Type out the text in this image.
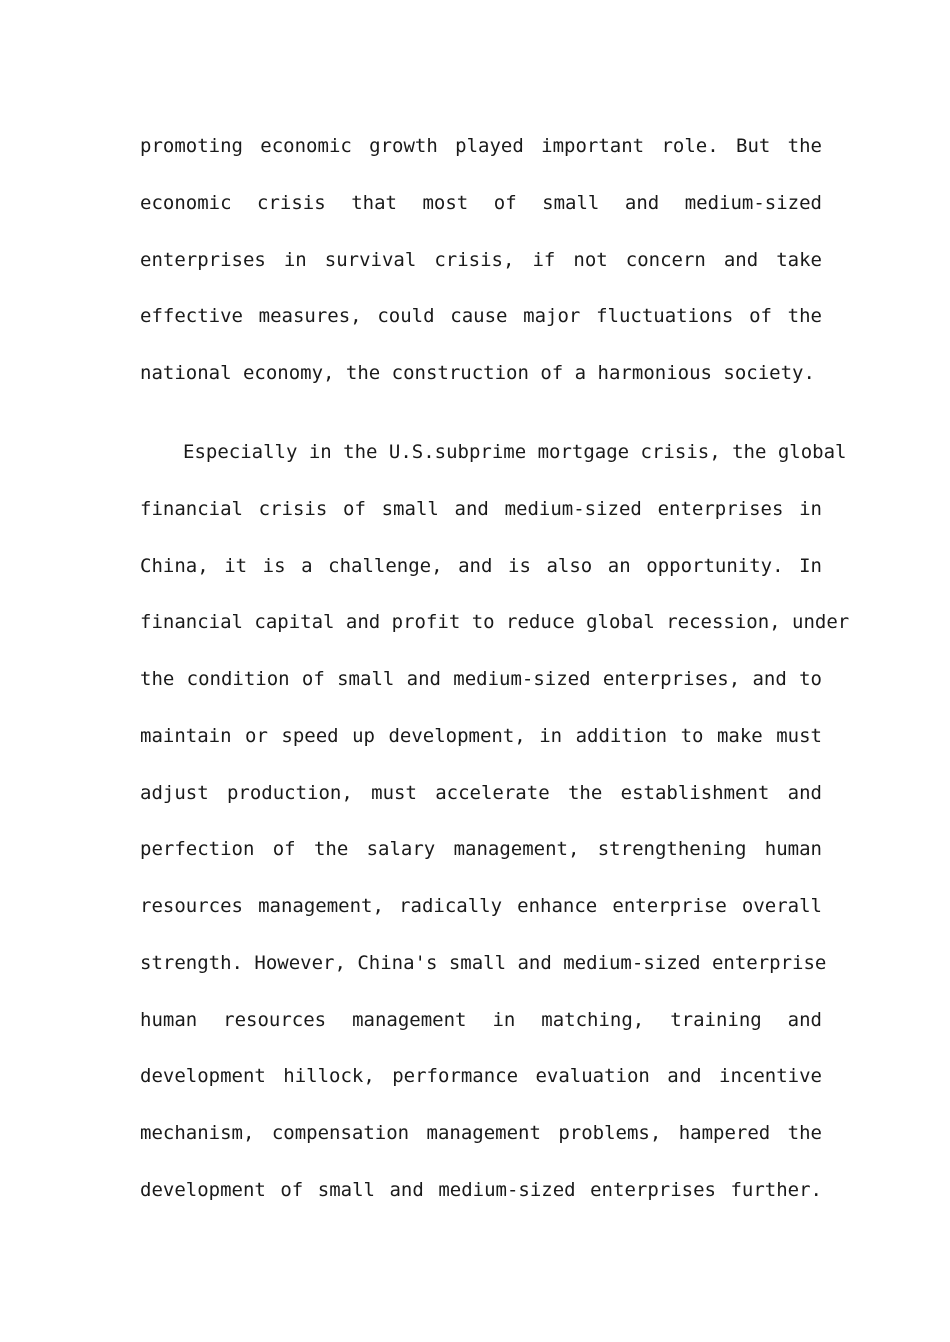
promoting economic growth played important role. But the
economic crisis that most of small and medium-sized
enterprises in survival crisis, if not concern and take
effective measures, could cause major fluctuations of the
national economy, the construction of a harmonious society.
Especially in the U.S.subprime mortgage crisis, the global
financial crisis of small and medium-sized enterprises in
China, it is a challenge, and is also an opportunity. In
financial capital and profit to reduce global recession, under
the condition of small and medium-sized enterprises, and to
maintain or speed up development, in addition to make must
adjust production, must accelerate the establishment and
perfection of the salary management, strengthening human
resources management, radically enhance enterprise overall
strength. However, China's small and medium-sized enterprise
human resources management in matching, training and
development hillock, performance evaluation and incentive
mechanism, compensation management problems, hampered the
development of small and medium-sized enterprises further.
